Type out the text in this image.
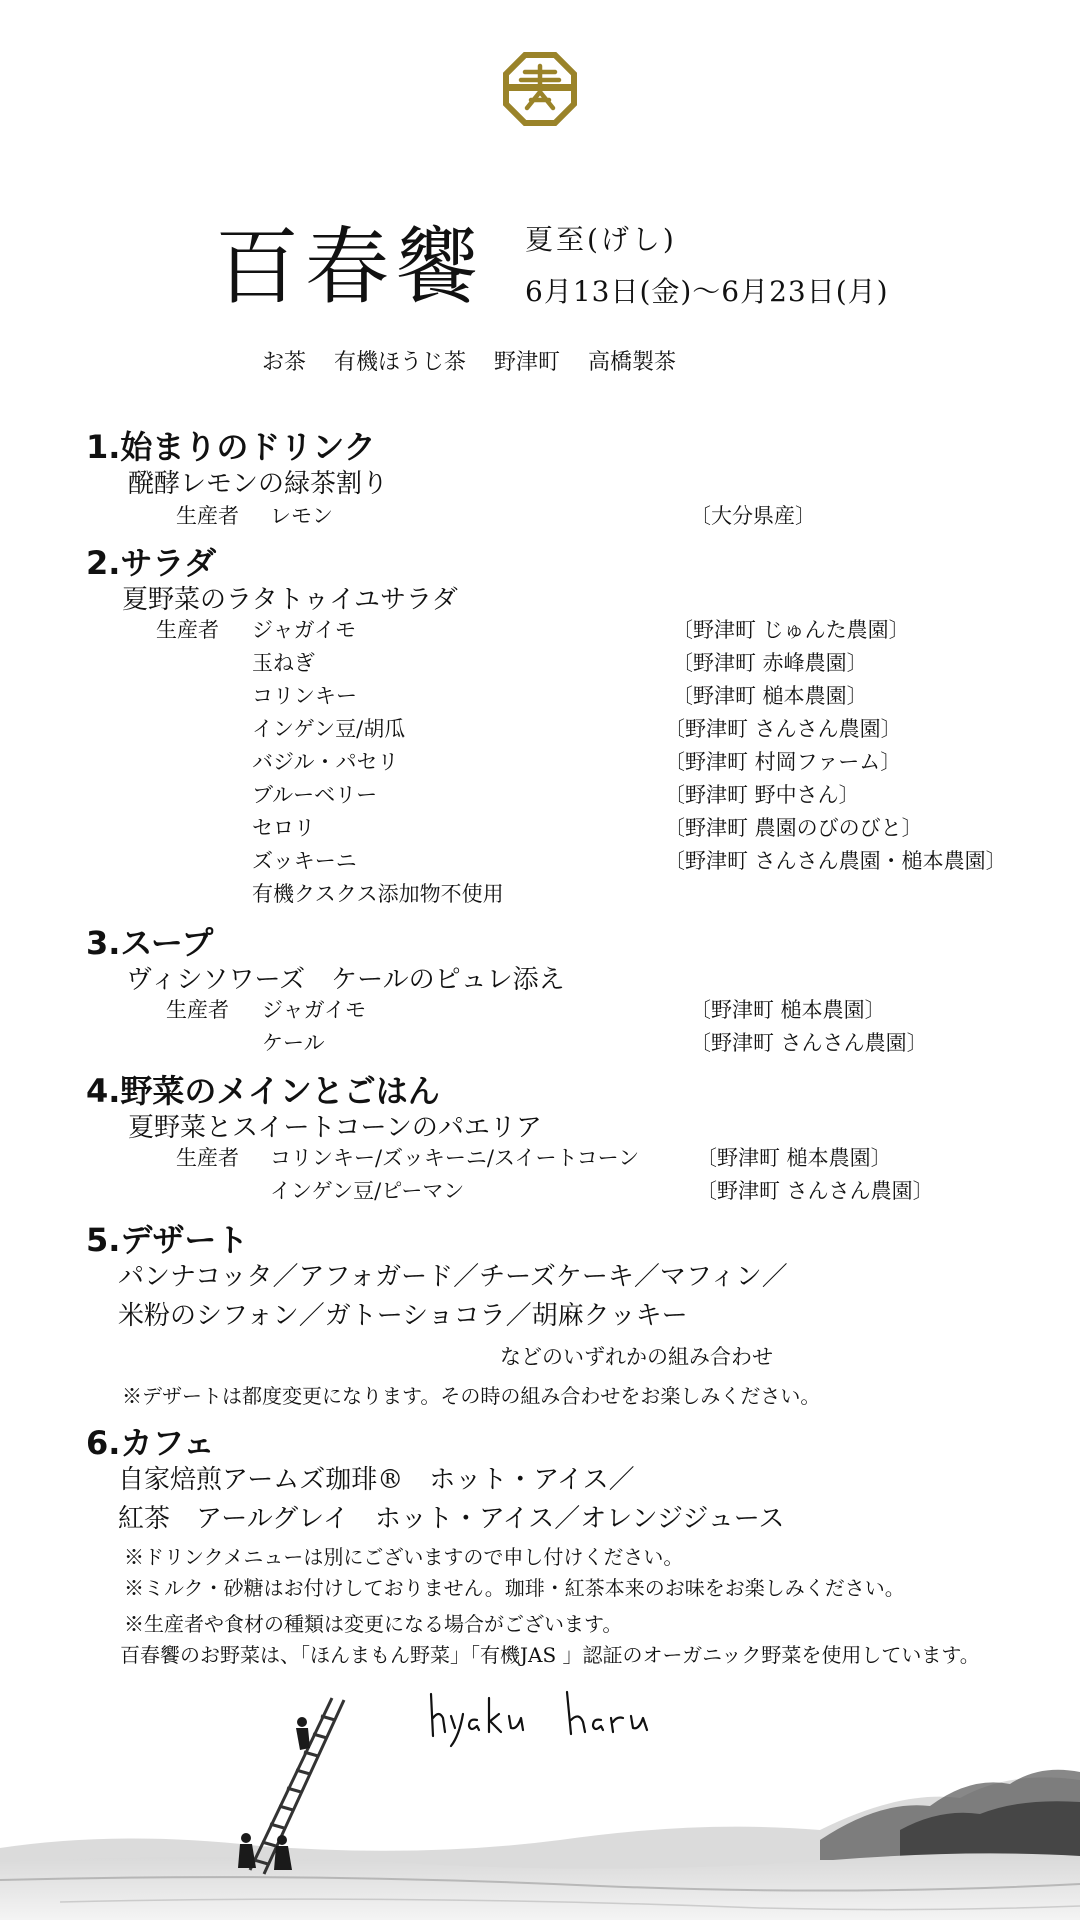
百春饗 夏至(げし)
6月13日(金)〜6月23日(月)
お茶 有機ほうじ茶 野津町 高橋製茶
1.始まりのドリンク
醗酵レモンの緑茶割り
生産者 レモン	〔大分県産〕
2.サラダ
夏野菜のラタトゥイユサラダ
生産者 ジャガイモ	〔野津町 じゅんた農園〕
玉ねぎ	〔野津町 赤峰農園〕
コリンキー	〔野津町 槌本農園〕
インゲン豆/胡瓜	〔野津町 さんさん農園〕
バジル・パセリ	〔野津町 村岡ファーム〕
ブルーベリー	〔野津町 野中さん〕
セロリ	〔野津町 農園のびのびと〕
ズッキーニ	〔野津町 さんさん農園・槌本農園〕
有機クスクス添加物不使用
3.スープ
ヴィシソワーズ　ケールのピュレ添え
生産者 ジャガイモ	〔野津町 槌本農園〕
ケール	〔野津町 さんさん農園〕
4.野菜のメインとごはん
夏野菜とスイートコーンのパエリア
生産者 コリンキー/ズッキーニ/スイートコーン	〔野津町 槌本農園〕
インゲン豆/ピーマン	〔野津町 さんさん農園〕
5.デザート
パンナコッタ／アフォガード／チーズケーキ／マフィン／
米粉のシフォン／ガトーショコラ／胡麻クッキー
などのいずれかの組み合わせ
※デザートは都度変更になります。その時の組み合わせをお楽しみください。
6.カフェ
自家焙煎アームズ珈琲®　ホット・アイス／
紅茶　アールグレイ　ホット・アイス／オレンジジュース
※ドリンクメニューは別にございますので申し付けください。
※ミルク・砂糖はお付けしておりません。珈琲・紅茶本来のお味をお楽しみください。
※生産者や食材の種類は変更になる場合がございます。
百春饗のお野菜は、「ほんまもん野菜」「有機JAS 」認証のオーガニック野菜を使用しています。
